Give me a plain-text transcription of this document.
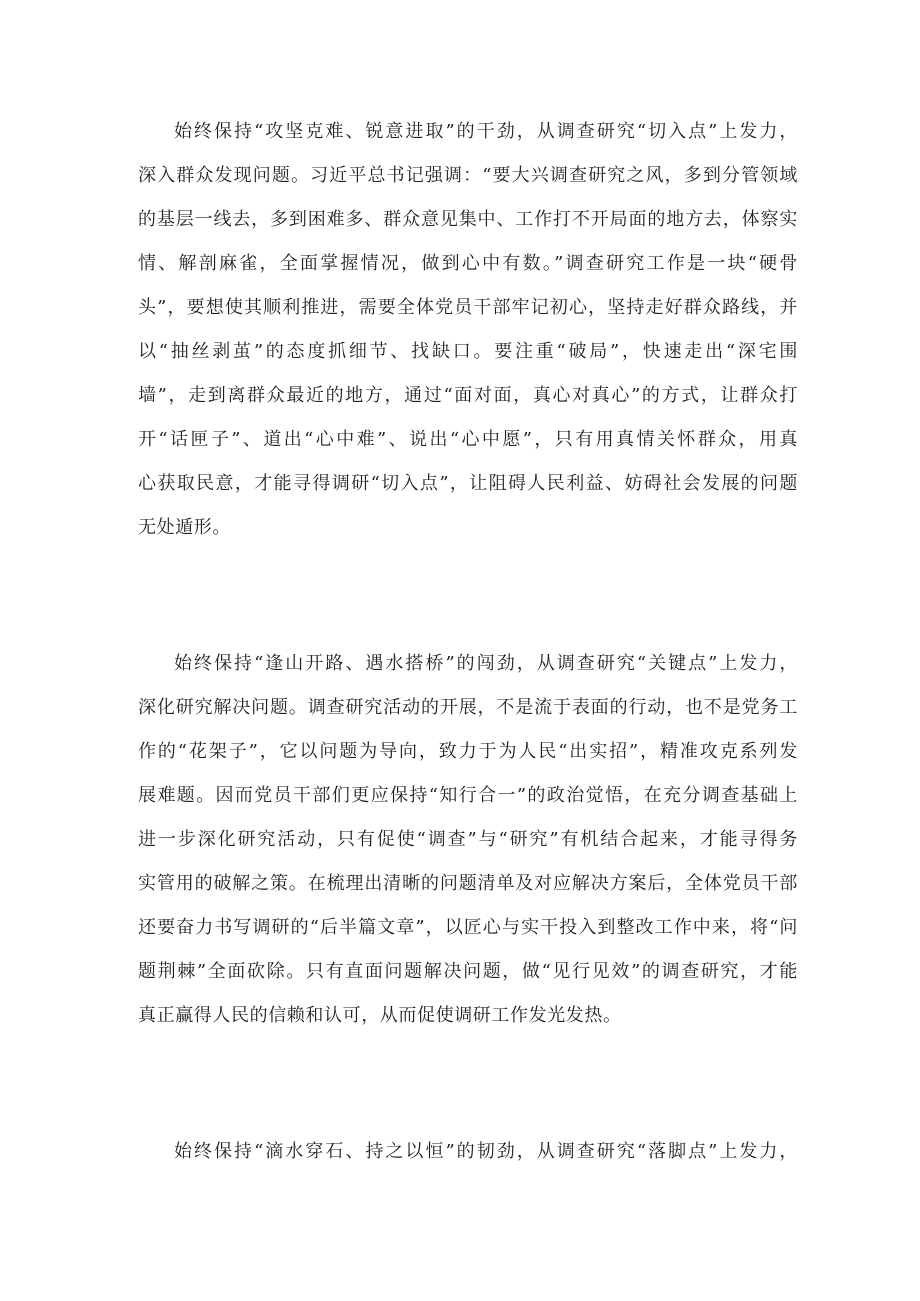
始终保持“攻坚克难、锐意进取”的干劲，从调查研究“切入点”上发力，
深入群众发现问题。习近平总书记强调：“要大兴调查研究之风，多到分管领域
的基层一线去，多到困难多、群众意见集中、工作打不开局面的地方去，体察实
情、解剖麻雀，全面掌握情况，做到心中有数。”调查研究工作是一块“硬骨
头”，要想使其顺利推进，需要全体党员干部牢记初心，坚持走好群众路线，并
以“抽丝剥茧”的态度抓细节、找缺口。要注重“破局”，快速走出“深宅围
墙”，走到离群众最近的地方，通过“面对面，真心对真心”的方式，让群众打
开“话匣子”、道出“心中难”、说出“心中愿”，只有用真情关怀群众，用真
心获取民意，才能寻得调研“切入点”，让阻碍人民利益、妨碍社会发展的问题
无处遁形。
始终保持“逢山开路、遇水搭桥”的闯劲，从调查研究“关键点”上发力，
深化研究解决问题。调查研究活动的开展，不是流于表面的行动，也不是党务工
作的“花架子”，它以问题为导向，致力于为人民“出实招”，精准攻克系列发
展难题。因而党员干部们更应保持“知行合一”的政治觉悟，在充分调查基础上
进一步深化研究活动，只有促使“调查”与“研究”有机结合起来，才能寻得务
实管用的破解之策。在梳理出清晰的问题清单及对应解决方案后，全体党员干部
还要奋力书写调研的“后半篇文章”，以匠心与实干投入到整改工作中来，将“问
题荆棘”全面砍除。只有直面问题解决问题，做“见行见效”的调查研究，才能
真正赢得人民的信赖和认可，从而促使调研工作发光发热。
始终保持“滴水穿石、持之以恒”的韧劲，从调查研究“落脚点”上发力，
